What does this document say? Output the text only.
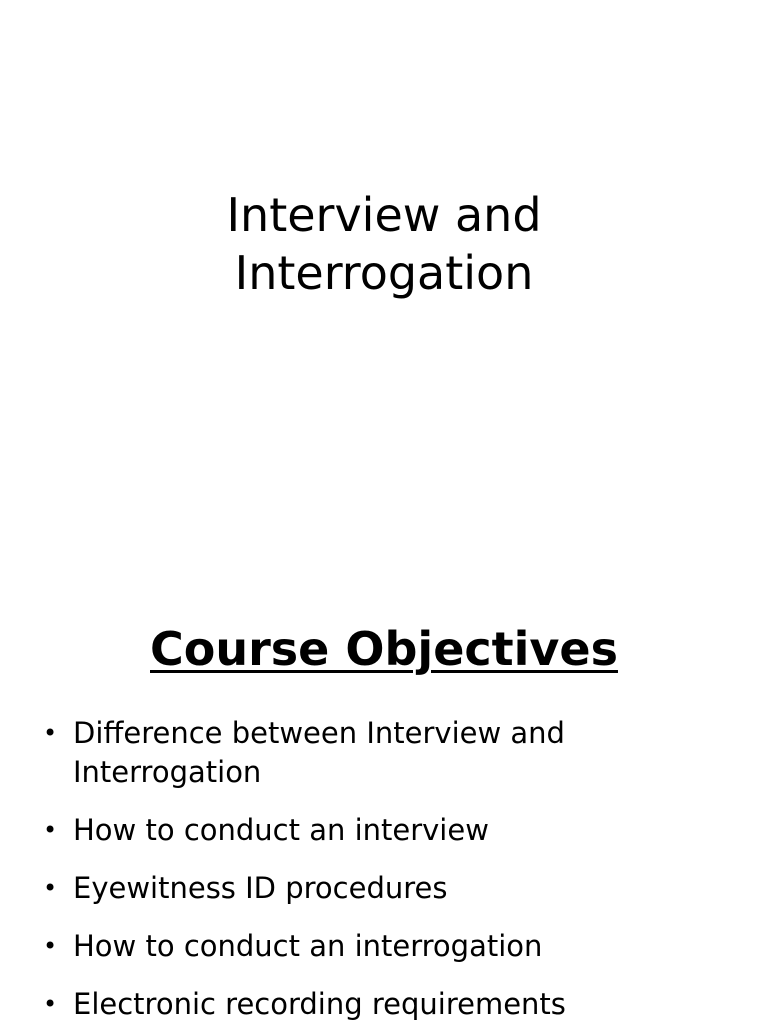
Interview and
Interrogation
Course Objectives
• Difference between Interview and Interrogation
• How to conduct an interview
• Eyewitness ID procedures
• How to conduct an interrogation
• Electronic recording requirements
